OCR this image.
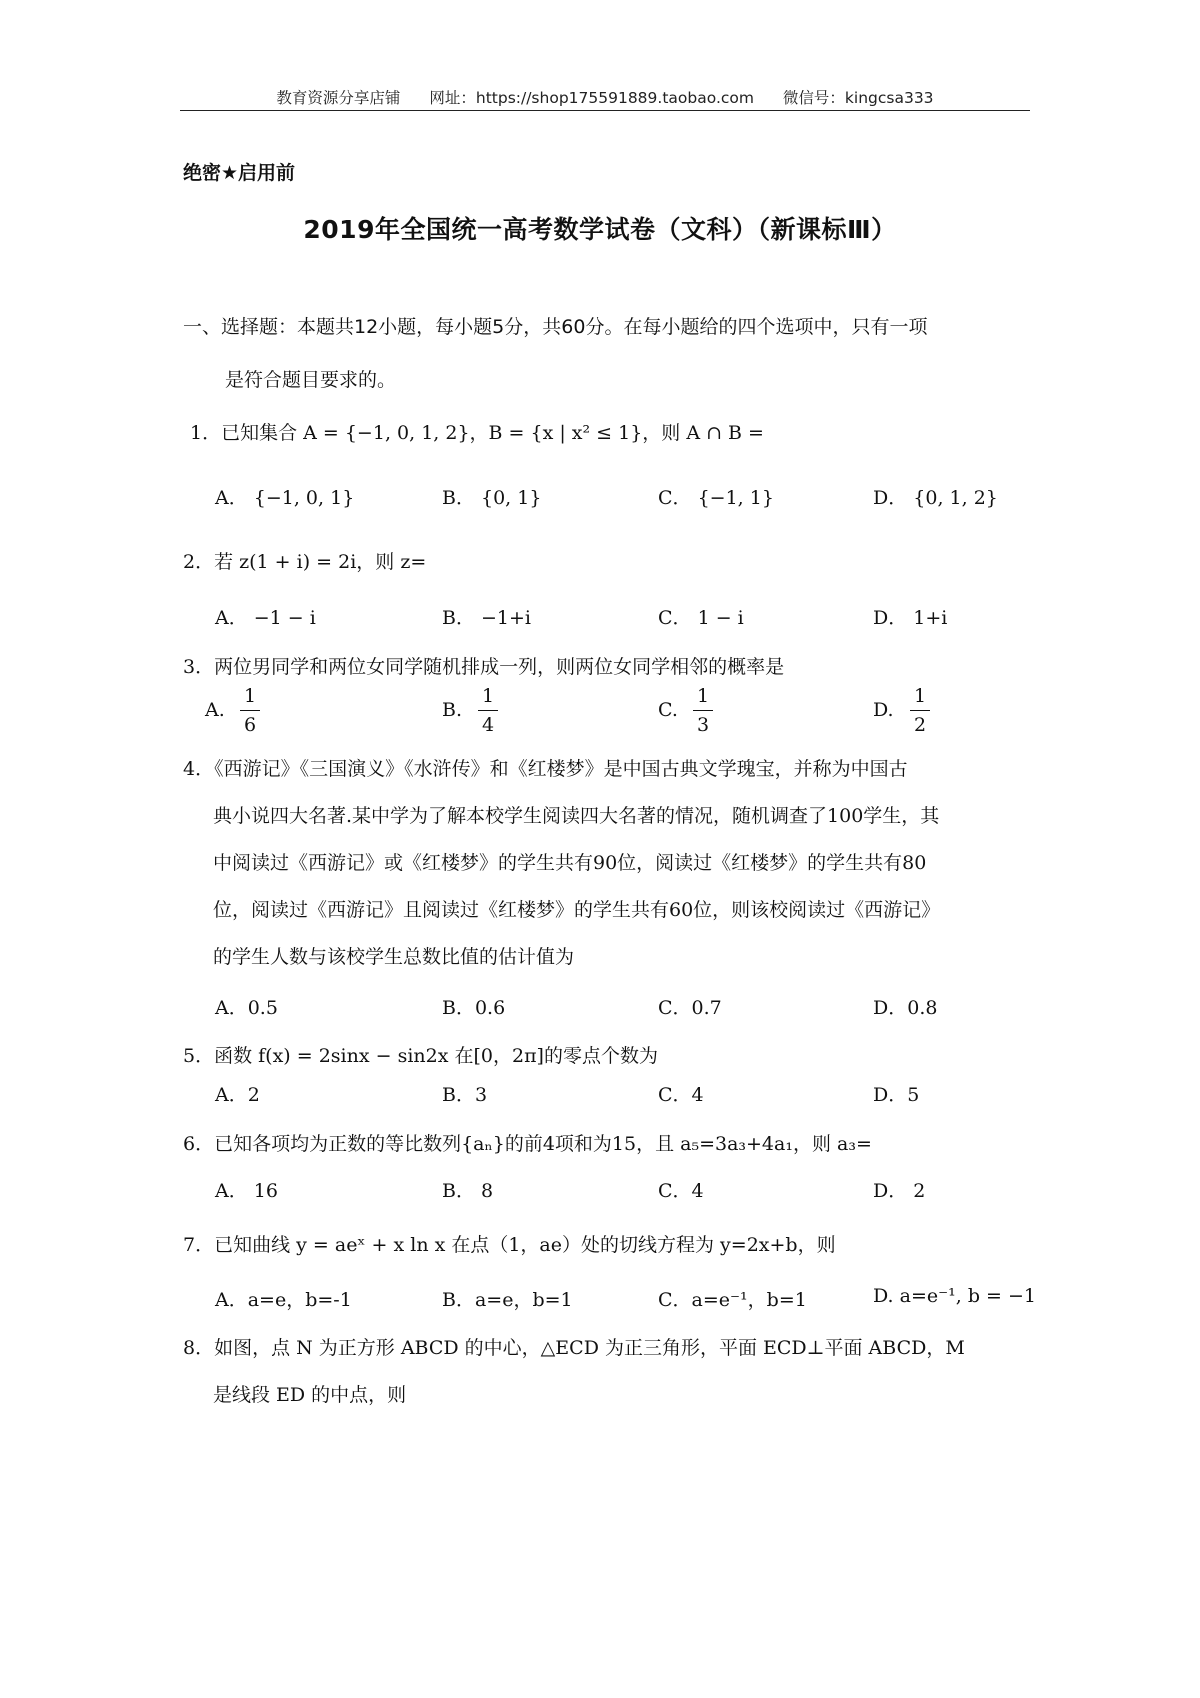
教育资源分享店铺 网址：https://shop175591889.taobao.com 微信号：kingcsa333
绝密★启用前
2019年全国统一高考数学试卷（文科）（新课标Ⅲ）
一、选择题：本题共12小题，每小题5分，共60分。在每小题给的四个选项中，只有一项
是符合题目要求的。
1．已知集合 A = {−1, 0, 1, 2}，B = {x | x² ≤ 1}，则 A ∩ B =
A． {−1, 0, 1}	B． {0, 1}	C． {−1, 1}	D． {0, 1, 2}
2．若 z(1 + i) = 2i，则 z=
A． −1 − i	B． −1+i	C． 1 − i	D． 1+i
3．两位男同学和两位女同学随机排成一列，则两位女同学相邻的概率是
A.
1
6
B.
1
4
C.
1
3
D.
1
2
4．《西游记》《三国演义》《水浒传》和《红楼梦》是中国古典文学瑰宝，并称为中国古
典小说四大名著.某中学为了解本校学生阅读四大名著的情况，随机调查了100学生，其
中阅读过《西游记》或《红楼梦》的学生共有90位，阅读过《红楼梦》的学生共有80
位，阅读过《西游记》且阅读过《红楼梦》的学生共有60位，则该校阅读过《西游记》
的学生人数与该校学生总数比值的估计值为
A．0.5	B．0.6	C．0.7	D．0.8
5．函数 f(x) = 2sinx − sin2x 在[0，2π]的零点个数为
A．2	B．3	C．4	D．5
6．已知各项均为正数的等比数列{aₙ}的前4项和为15，且 a₅=3a₃+4a₁，则 a₃=
A． 16	B． 8	C．4	D． 2
7．已知曲线 y = aeˣ + x ln x 在点（1，ae）处的切线方程为 y=2x+b，则
A．a=e，b=-1	B．a=e，b=1	C．a=e⁻¹，b=1	D. a=e⁻¹, b = −1
8．如图，点 N 为正方形 ABCD 的中心，△ECD 为正三角形，平面 ECD⊥平面 ABCD，M
是线段 ED 的中点，则
